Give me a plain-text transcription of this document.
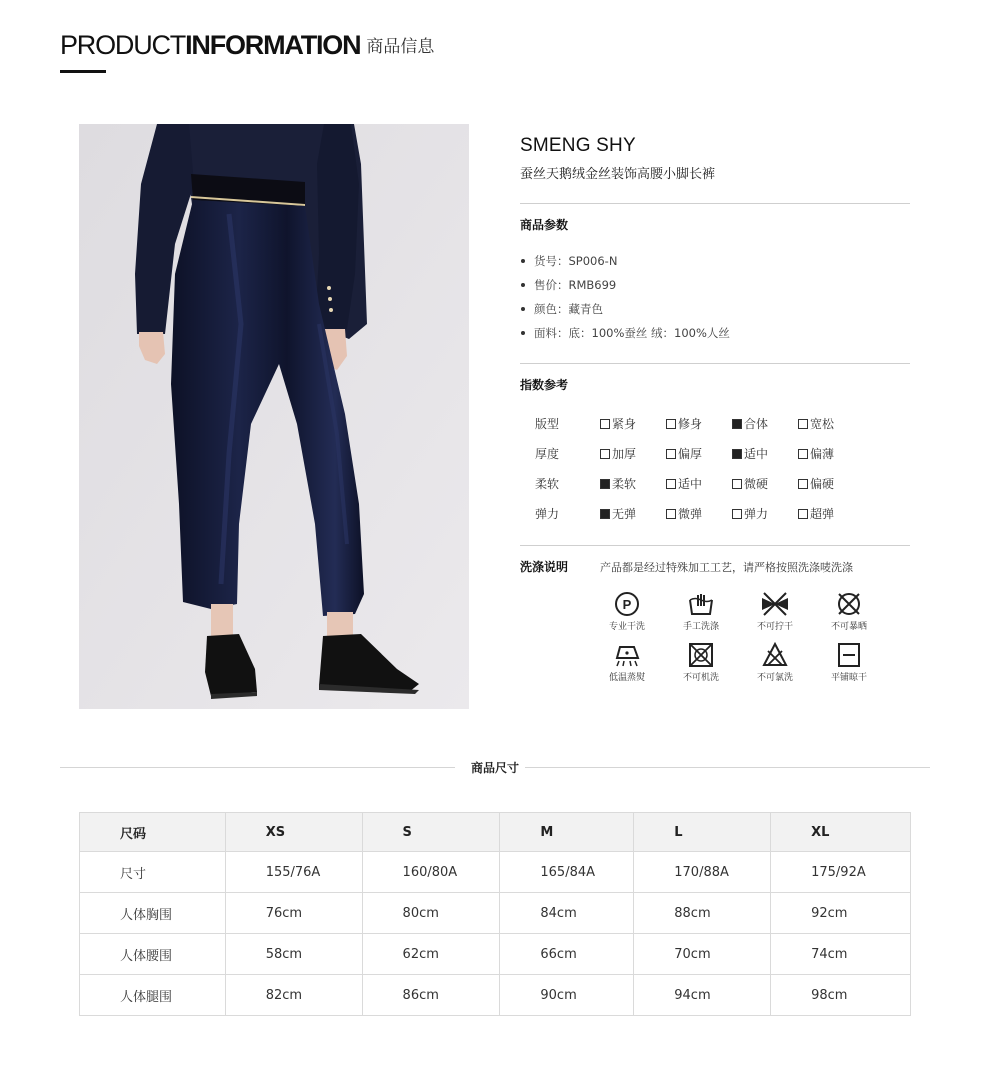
PRODUCTINFORMATION 商品信息
SMENG SHY
蚕丝天鹅绒金丝装饰高腰小脚长裤
商品参数
货号：SP006-N
售价：RMB699
颜色：藏青色
面料：底：100%蚕丝 绒：100%人丝
指数参考
版型	紧身	修身	合体	宽松
厚度	加厚	偏厚	适中	偏薄
柔软	柔软	适中	微硬	偏硬
弹力	无弹	微弹	弹力	超弹
洗涤说明	产品都是经过特殊加工工艺，请严格按照洗涤唛洗涤
P
专业干洗	手工洗涤	不可拧干	不可暴晒
低温蒸熨	不可机洗	不可氯洗	平铺晾干
商品尺寸
尺码	XS	S	M	L	XL
尺寸	155/76A	160/80A	165/84A	170/88A	175/92A
人体胸围	76cm	80cm	84cm	88cm	92cm
人体腰围	58cm	62cm	66cm	70cm	74cm
人体腿围	82cm	86cm	90cm	94cm	98cm
